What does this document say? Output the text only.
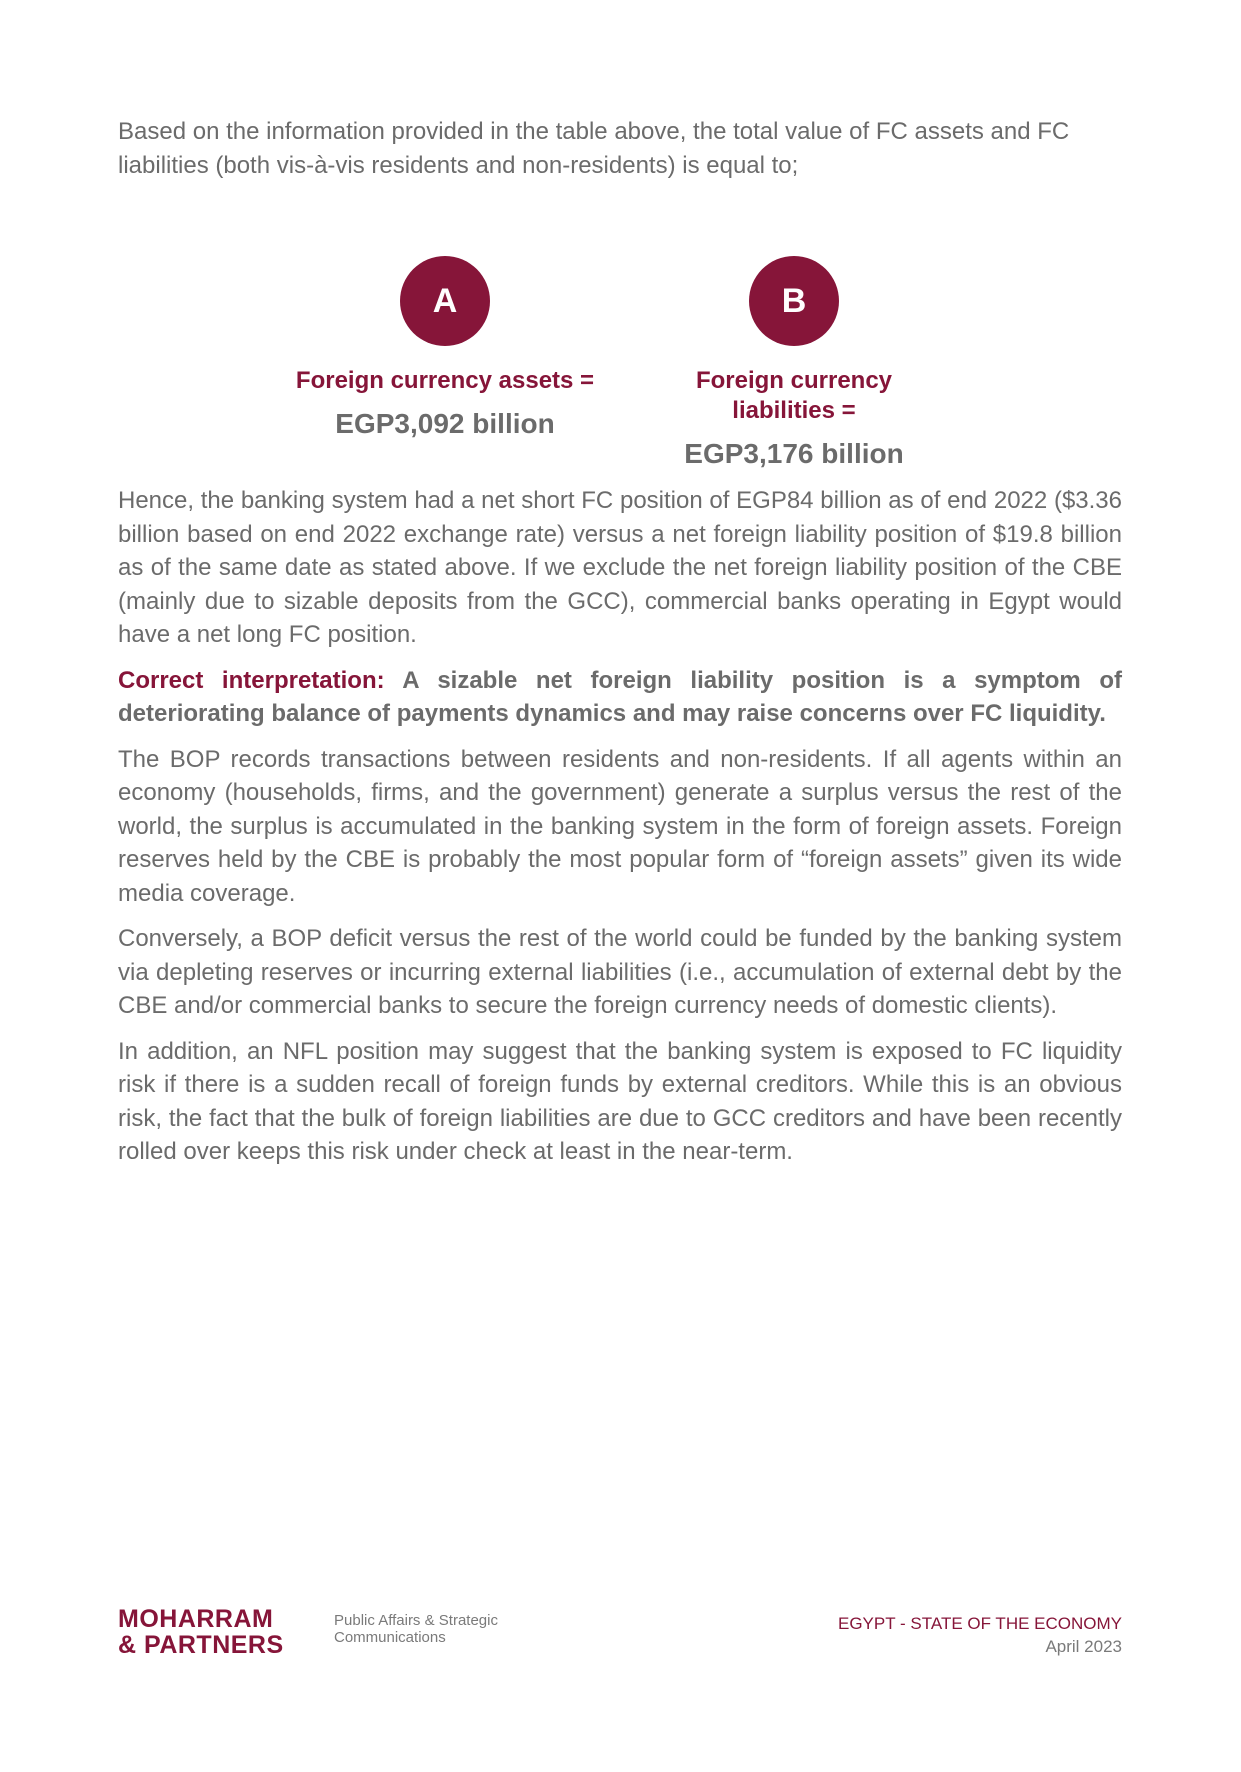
Based on the information provided in the table above, the total value of FC assets and FC liabilities (both vis-à-vis residents and non-residents) is equal to;

A
Foreign currency assets =
EGP3,092 billion
B
Foreign currency liabilities =
EGP3,176 billion

Hence, the banking system had a net short FC position of EGP84 billion as of end 2022 ($3.36 billion based on end 2022 exchange rate) versus a net foreign liability position of $19.8 billion as of the same date as stated above. If we exclude the net foreign liability position of the CBE (mainly due to sizable deposits from the GCC), commercial banks operating in Egypt would have a net long FC position.

Correct interpretation: A sizable net foreign liability position is a symptom of deteriorating balance of payments dynamics and may raise concerns over FC liquidity.

The BOP records transactions between residents and non-residents. If all agents within an economy (households, firms, and the government) generate a surplus versus the rest of the world, the surplus is accumulated in the banking system in the form of foreign assets. Foreign reserves held by the CBE is probably the most popular form of “foreign assets” given its wide media coverage.

Conversely, a BOP deficit versus the rest of the world could be funded by the banking system via depleting reserves or incurring external liabilities (i.e., accumulation of external debt by the CBE and/or commercial banks to secure the foreign currency needs of domestic clients).

In addition, an NFL position may suggest that the banking system is exposed to FC liquidity risk if there is a sudden recall of foreign funds by external creditors. While this is an obvious risk, the fact that the bulk of foreign liabilities are due to GCC creditors and have been recently rolled over keeps this risk under check at least in the near-term.

MOHARRAM
& PARTNERS
Public Affairs & Strategic
Communications
EGYPT - STATE OF THE ECONOMY
April 2023
